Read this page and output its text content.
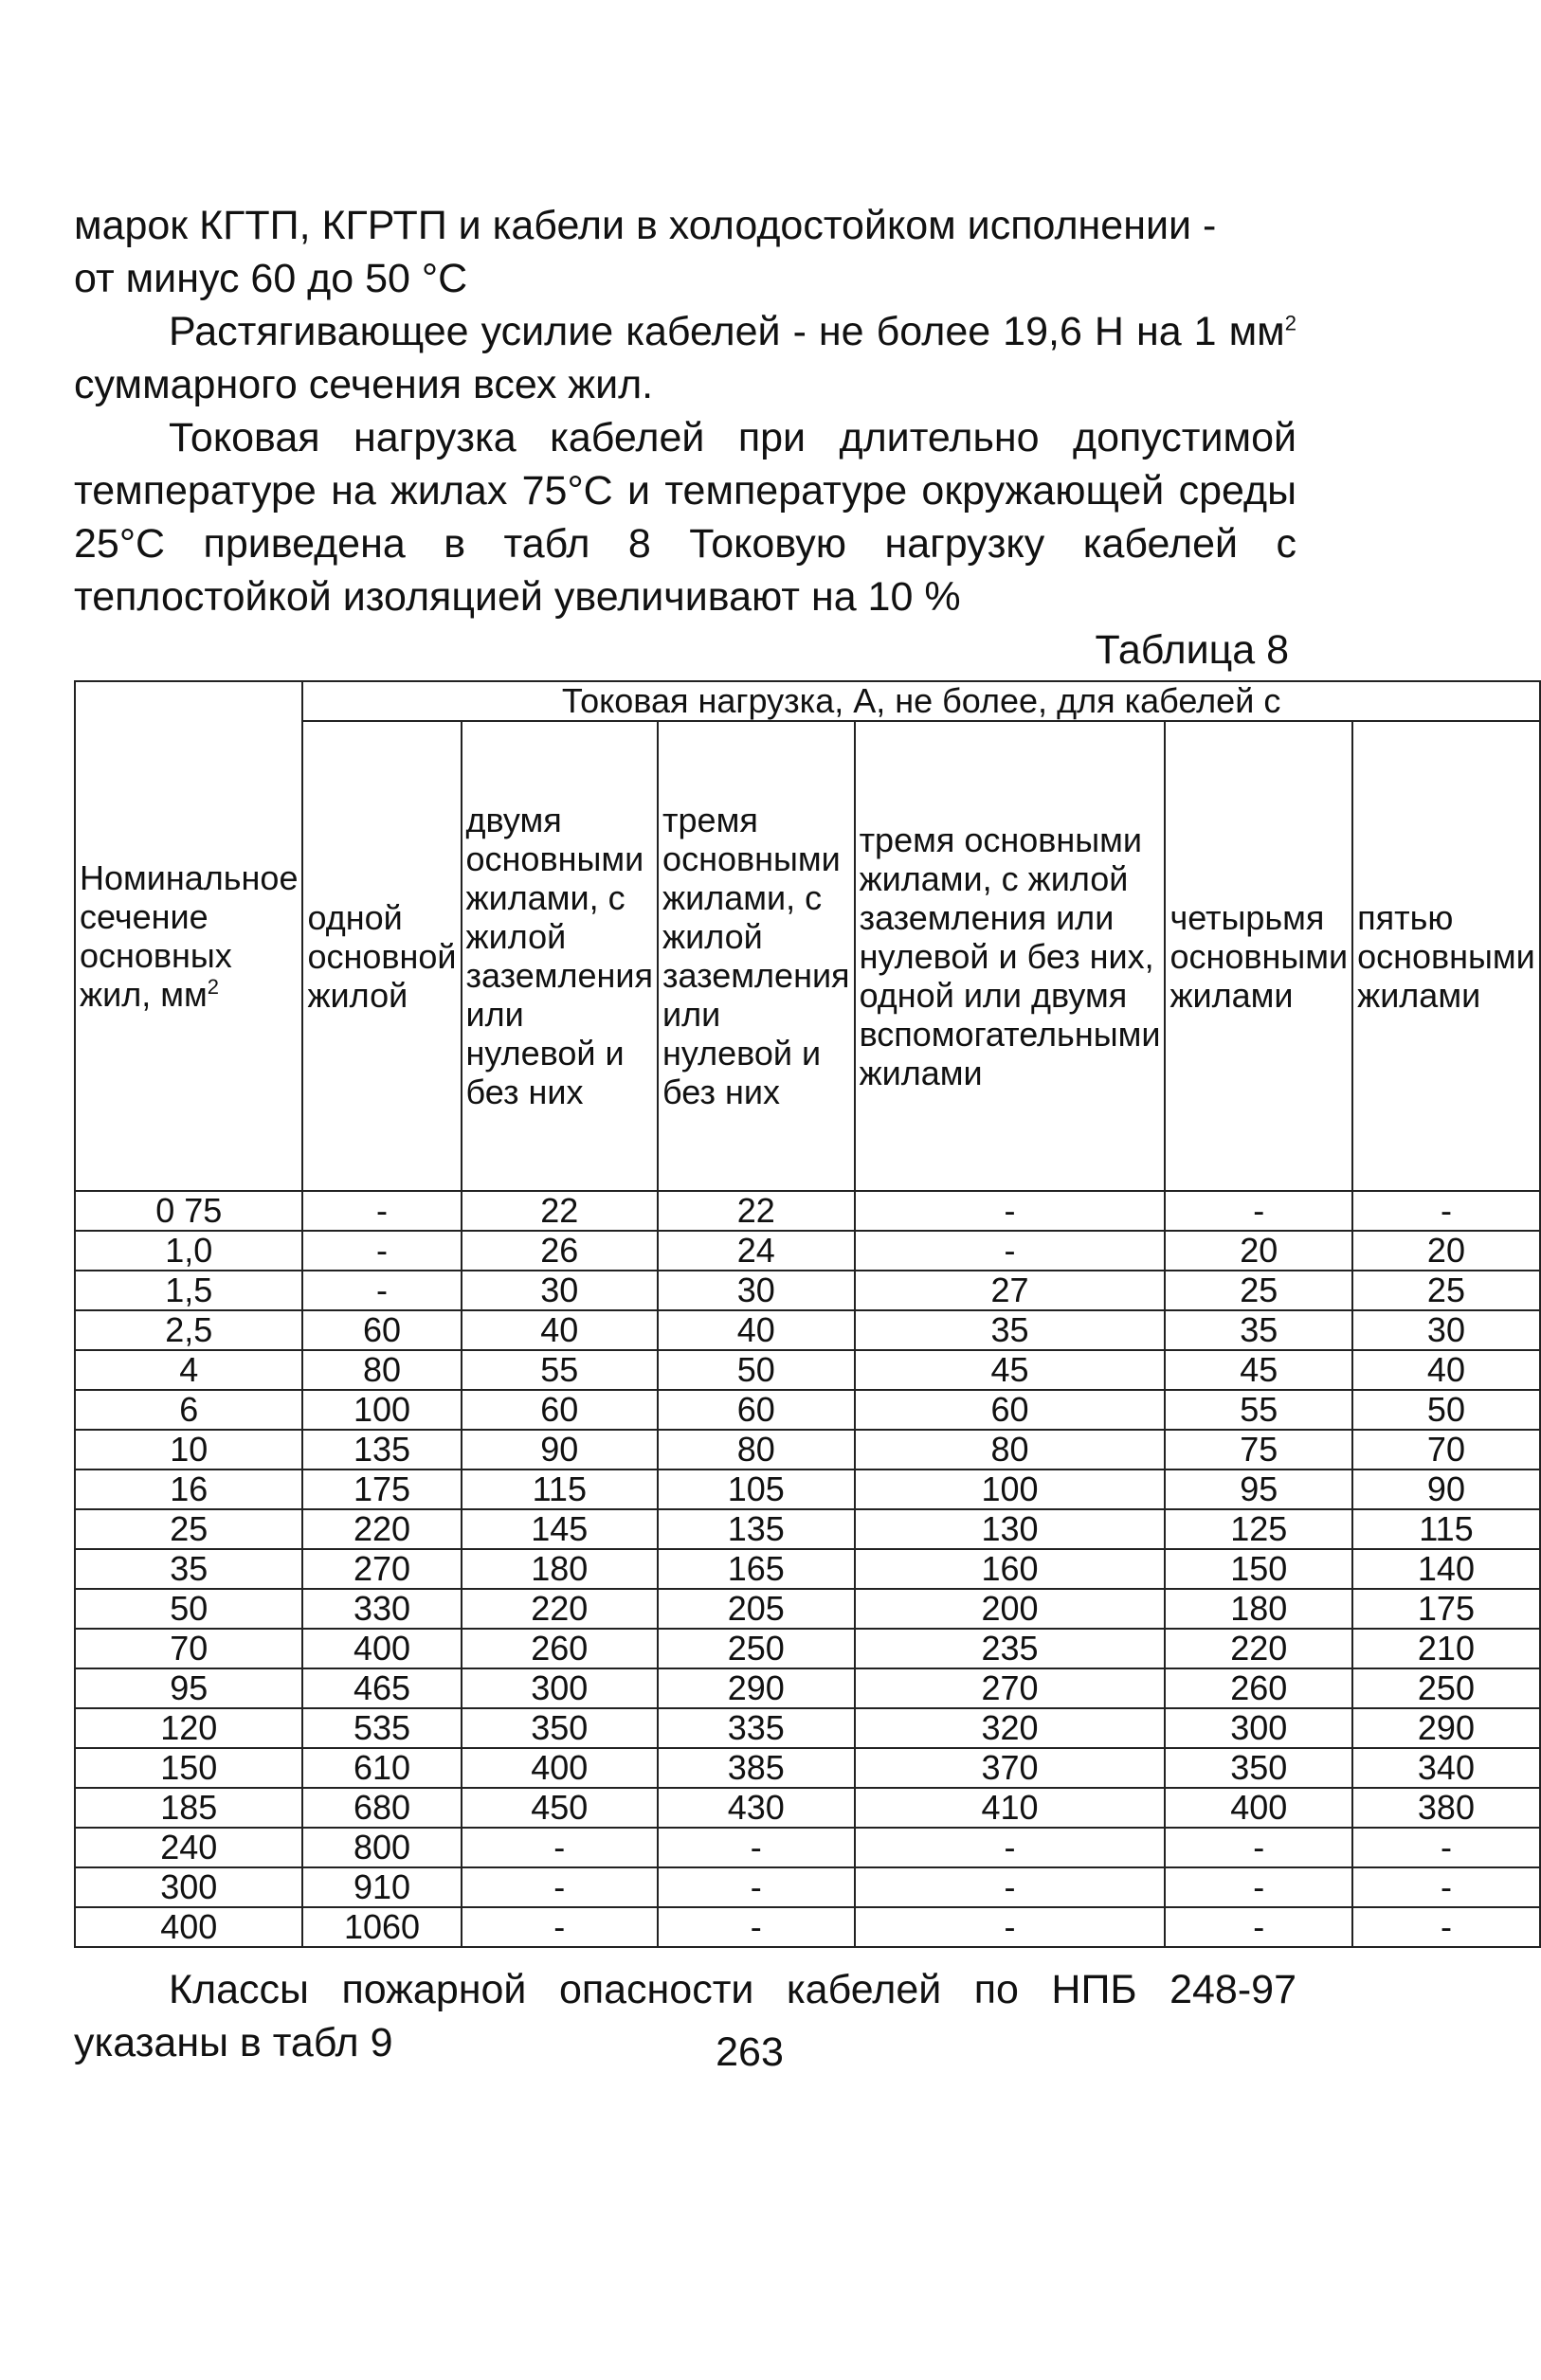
марок КГТП, КГРТП и кабели в холодостойком исполнении -

от минус 60 до 50 °С

Растягивающее усилие кабелей - не более 19,6 Н на 1 $мм^2$ суммарного сечения всех жил.

Токовая нагрузка кабелей при длительно допустимой температуре на жилах 75°С и температуре окружающей среды 25°С приведена в табл 8 Токовую нагрузку кабелей с теплостойкой изоляцией увеличивают на 10 %

Таблица 8

Номинальное сечение основных жил, $мм^2$	Токовая нагрузка, А, не более, для кабелей с					
	одной основной жилой	двумя основными жилами, с жилой заземления или нулевой и без них	тремя основными жилами, с жилой заземления или нулевой и без них	тремя основными жилами, с жилой заземления или нулевой и без них, одной или двумя вспомогательными жилами	четырьмя основными жилами	пятью основными жилами
0 75	-	22	22	-	-	-
1,0	-	26	24	-	20	20
1,5	-	30	30	27	25	25
2,5	60	40	40	35	35	30
4	80	55	50	45	45	40
6	100	60	60	60	55	50
10	135	90	80	80	75	70
16	175	115	105	100	95	90
25	220	145	135	130	125	115
35	270	180	165	160	150	140
50	330	220	205	200	180	175
70	400	260	250	235	220	210
95	465	300	290	270	260	250
120	535	350	335	320	300	290
150	610	400	385	370	350	340
185	680	450	430	410	400	380
240	800	-	-	-	-	-
300	910	-	-	-	-	-
400	1060	-	-	-	-	-

Классы пожарной опасности кабелей по НПБ 248-97 указаны в табл 9	263
